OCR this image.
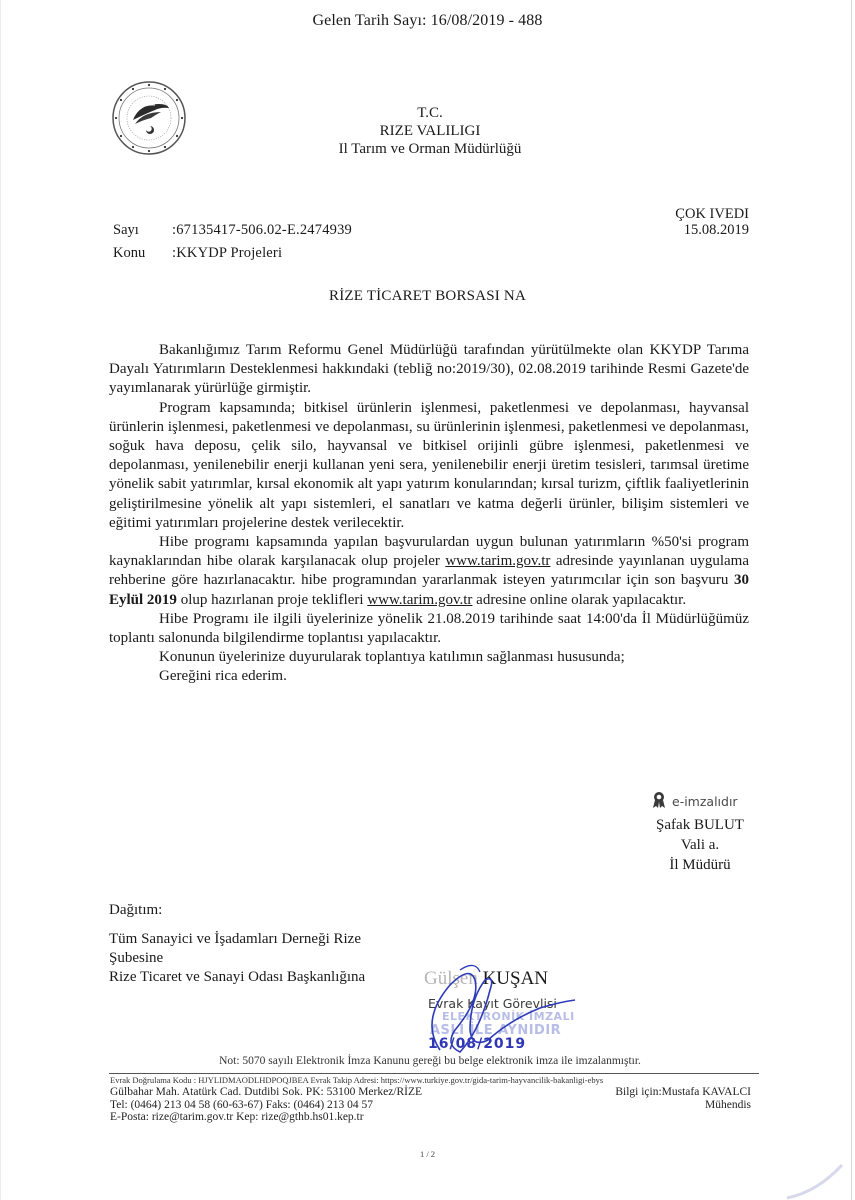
Gelen Tarih Sayı: 16/08/2019 - 488
T.C.
RIZE VALILIGI
Il Tarım ve Orman Müdürlüğü
Sayı :67135417-506.02-E.2474939
Konu :KKYDP Projeleri
ÇOK IVEDI
15.08.2019
RİZE TİCARET BORSASI NA

Bakanlığımız Tarım Reformu Genel Müdürlüğü tarafından yürütülmekte olan KKYDP Tarıma Dayalı Yatırımların Desteklenmesi hakkındaki (tebliğ no:2019/30), 02.08.2019 tarihinde Resmi Gazete'de yayımlanarak yürürlüğe girmiştir.

Program kapsamında; bitkisel ürünlerin işlenmesi, paketlenmesi ve depolanması, hayvansal ürünlerin işlenmesi, paketlenmesi ve depolanması, su ürünlerinin işlenmesi, paketlenmesi ve depolanması, soğuk hava deposu, çelik silo, hayvansal ve bitkisel orijinli gübre işlenmesi, paketlenmesi ve depolanması, yenilenebilir enerji kullanan yeni sera, yenilenebilir enerji üretim tesisleri, tarımsal üretime yönelik sabit yatırımlar, kırsal ekonomik alt yapı yatırım konularından; kırsal turizm, çiftlik faaliyetlerinin geliştirilmesine yönelik alt yapı sistemleri, el sanatları ve katma değerli ürünler, bilişim sistemleri ve eğitimi yatırımları projelerine destek verilecektir.

Hibe programı kapsamında yapılan başvurulardan uygun bulunan yatırımların %50'si program kaynaklarından hibe olarak karşılanacak olup projeler www.tarim.gov.tr adresinde yayınlanan uygulama rehberine göre hazırlanacaktır. hibe programından yararlanmak isteyen yatırımcılar için son başvuru 30 Eylül 2019 olup hazırlanan proje teklifleri www.tarim.gov.tr adresine online olarak yapılacaktır.

Hibe Programı ile ilgili üyelerinize yönelik 21.08.2019 tarihinde saat 14:00'da İl Müdürlüğümüz toplantı salonunda bilgilendirme toplantısı yapılacaktır.

Konunun üyelerinize duyurularak toplantıya katılımın sağlanması hususunda;

Gereğini rica ederim.

e-imzalıdır
Şafak BULUT
Vali a.
İl Müdürü
Dağıtım:
Tüm Sanayici ve İşadamları Derneği Rize
Şubesine
Rize Ticaret ve Sanayi Odası Başkanlığına	Gülşen KUŞAN
Evrak Kayıt Görevlisi
ELEKTRONİK İMZALI
ASLI İLE AYNIDIR
16/08/2019
Not: 5070 sayılı Elektronik İmza Kanunu gereği bu belge elektronik imza ile imzalanmıştır.
Evrak Doğrulama Kodu : HJYLIDMAODLHDPOQJBEA Evrak Takip Adresi: https://www.turkiye.gov.tr/gida-tarim-hayvancilik-bakanligi-ebys
Gülbahar Mah. Atatürk Cad. Dutdibi Sok. PK: 53100 Merkez/RİZE
Tel: (0464) 213 04 58 (60-63-67) Faks: (0464) 213 04 57
E-Posta: rize@tarim.gov.tr Kep: rize@gthb.hs01.kep.tr
Bilgi için:Mustafa KAVALCI
Mühendis
1 / 2
